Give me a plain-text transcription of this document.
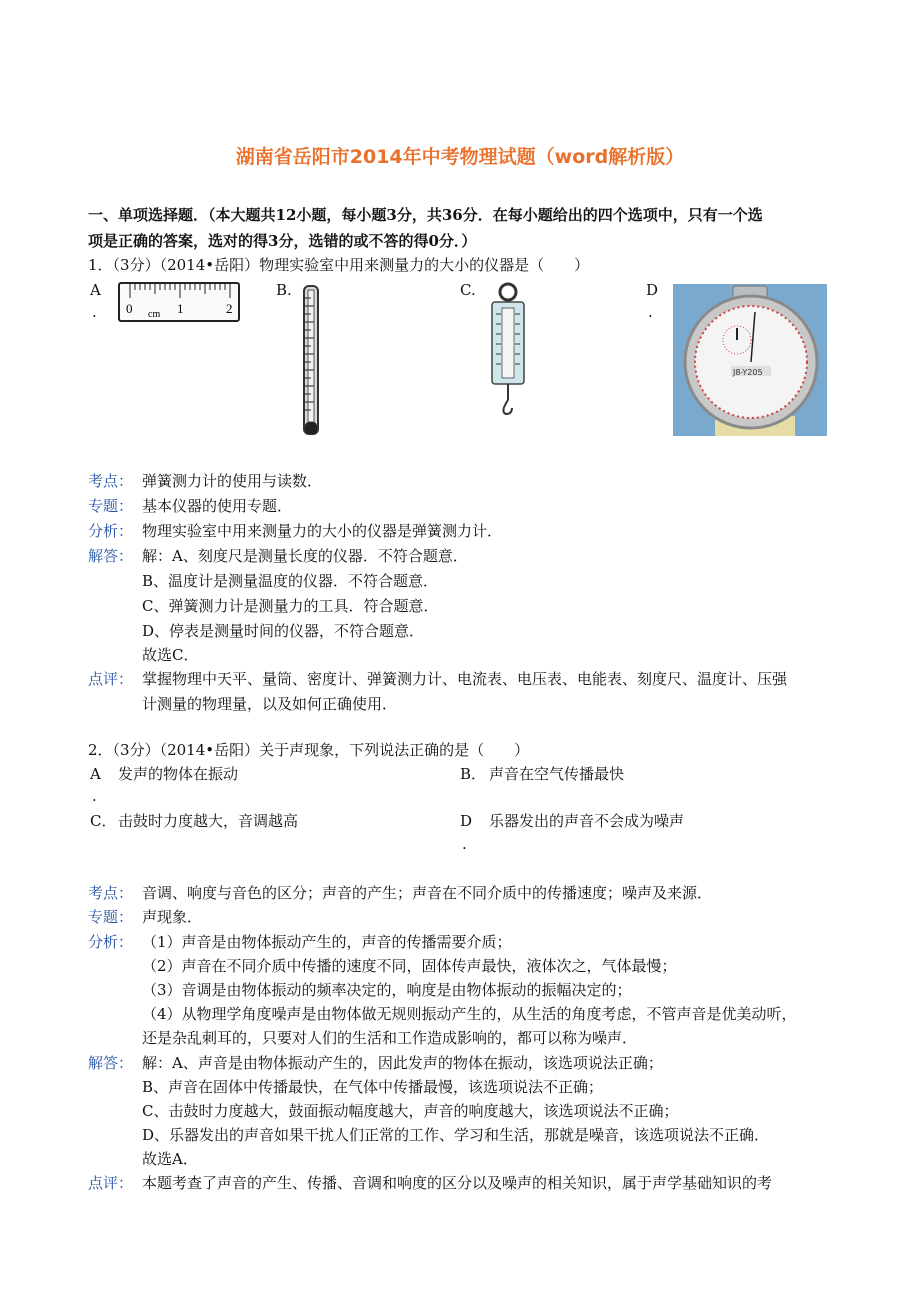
湖南省岳阳市2014年中考物理试题（word解析版）
一、单项选择题．（本大题共12小题，每小题3分，共36分．在每小题给出的四个选项中，只有一个选
项是正确的答案，选对的得3分，选错的或不答的得0分．）
1．（3分）（2014•岳阳）物理实验室中用来测量力的大小的仪器是（　　）
A
. 0 cm 1	2
B.	C.	D
.
J8-Y205
考点： 弹簧测力计的使用与读数．
专题： 基本仪器的使用专题．
分析： 物理实验室中用来测量力的大小的仪器是弹簧测力计．
解答： 解：A、刻度尺是测量长度的仪器．不符合题意．
B、温度计是测量温度的仪器．不符合题意．
C、弹簧测力计是测量力的工具．符合题意．
D、停表是测量时间的仪器，不符合题意．
故选C．
点评： 掌握物理中天平、量筒、密度计、弹簧测力计、电流表、电压表、电能表、刻度尺、温度计、压强
计测量的物理量，以及如何正确使用．
2．（3分）（2014•岳阳）关于声现象，下列说法正确的是（　　）
A
.
发声的物体在振动	B． 声音在空气传播最快
C． 击鼓时力度越大，音调越高	D
.
乐器发出的声音不会成为噪声
考点： 音调、响度与音色的区分；声音的产生；声音在不同介质中的传播速度；噪声及来源．
专题： 声现象．
分析： （1）声音是由物体振动产生的，声音的传播需要介质；
（2）声音在不同介质中传播的速度不同，固体传声最快，液体次之，气体最慢；
（3）音调是由物体振动的频率决定的，响度是由物体振动的振幅决定的；
（4）从物理学角度噪声是由物体做无规则振动产生的，从生活的角度考虑，不管声音是优美动听，
还是杂乱刺耳的，只要对人们的生活和工作造成影响的，都可以称为噪声．
解答： 解：A、声音是由物体振动产生的，因此发声的物体在振动，该选项说法正确；
B、声音在固体中传播最快，在气体中传播最慢，该选项说法不正确；
C、击鼓时力度越大，鼓面振动幅度越大，声音的响度越大，该选项说法不正确；
D、乐器发出的声音如果干扰人们正常的工作、学习和生活，那就是噪音，该选项说法不正确．
故选A．
点评： 本题考查了声音的产生、传播、音调和响度的区分以及噪声的相关知识，属于声学基础知识的考
